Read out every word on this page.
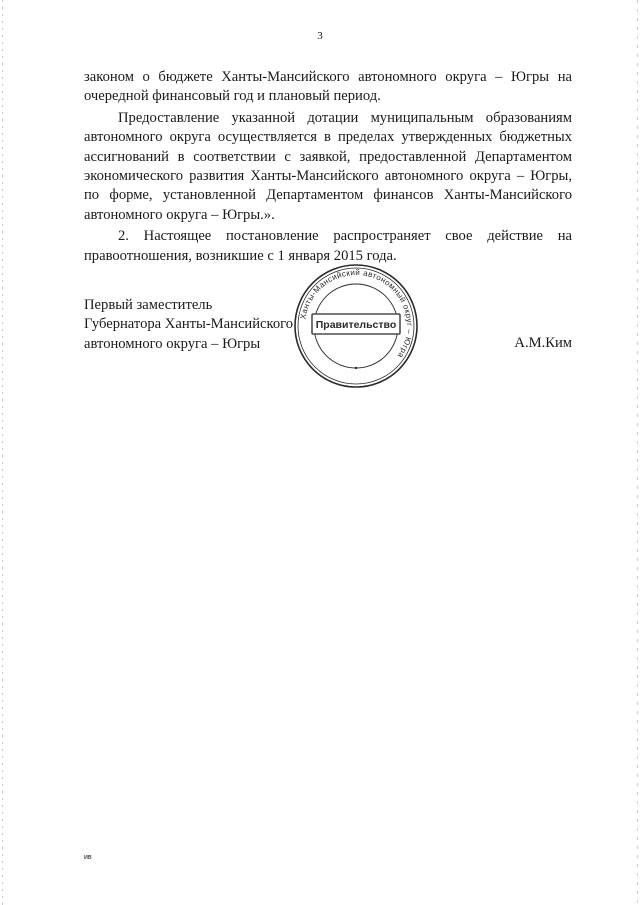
3

законом о бюджете Ханты-Мансийского автономного округа – Югры на очередной финансовый год и плановый период.

Предоставление указанной дотации муниципальным образованиям автономного округа осуществляется в пределах утвержденных бюджетных ассигнований в соответствии с заявкой, предоставленной Департаментом экономического развития Ханты-Мансийского автономного округа – Югры, по форме, установленной Департаментом финансов Ханты-Мансийского автономного округа – Югры.».

2. Настоящее постановление распространяет свое действие на правоотношения, возникшие с 1 января 2015 года.

Первый заместитель
Губернатора Ханты-Мансийского
автономного округа – Югры	А.М.Ким
Ханты-Мансийский автономный округ – Югра
Правительство
ив
